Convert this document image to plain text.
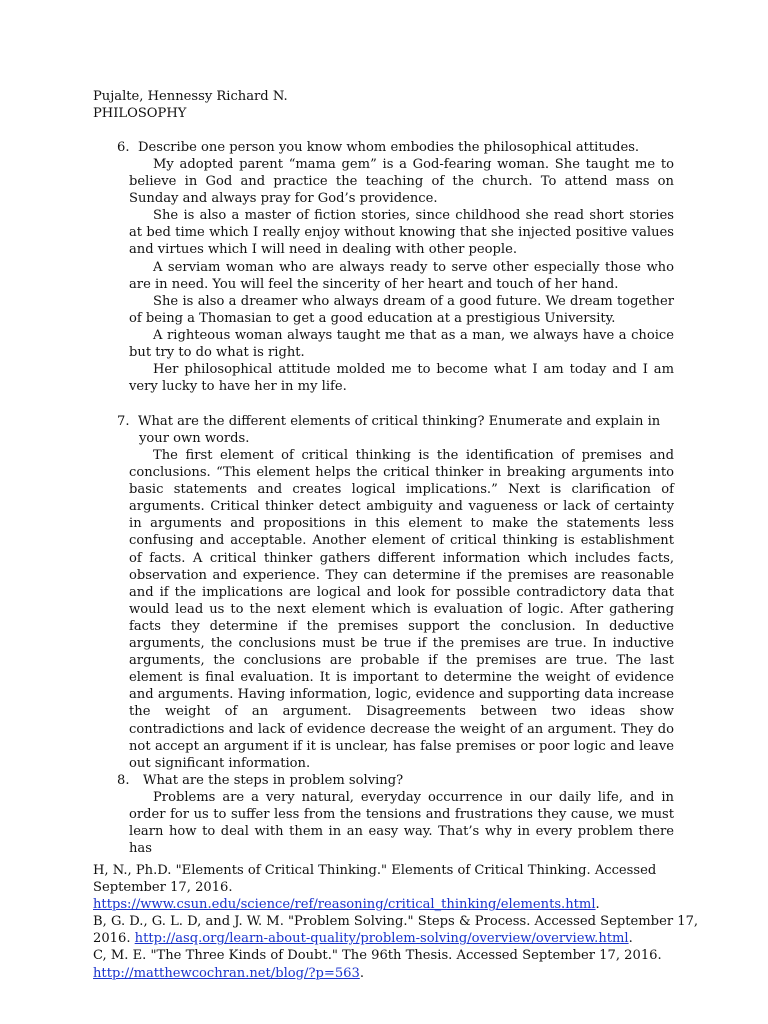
Pujalte, Hennessy Richard N.
PHILOSOPHY
6. Describe one person you know whom embodies the philosophical attitudes.

My adopted parent “mama gem” is a God-fearing woman. She taught me to believe in God and practice the teaching of the church. To attend mass on Sunday and always pray for God’s providence.

She is also a master of fiction stories, since childhood she read short stories at bed time which I really enjoy without knowing that she injected positive values and virtues which I will need in dealing with other people.

A serviam woman who are always ready to serve other especially those who are in need. You will feel the sincerity of her heart and touch of her hand.

She is also a dreamer who always dream of a good future. We dream together of being a Thomasian to get a good education at a prestigious University.

A righteous woman always taught me that as a man, we always have a choice but try to do what is right.

Her philosophical attitude molded me to become what I am today and I am very lucky to have her in my life.

7. What are the different elements of critical thinking? Enumerate and explain in
your own words.

The first element of critical thinking is the identification of premises and conclusions. “This element helps the critical thinker in breaking arguments into basic statements and creates logical implications.” Next is clarification of arguments. Critical thinker detect ambiguity and vagueness or lack of certainty in arguments and propositions in this element to make the statements less confusing and acceptable. Another element of critical thinking is establishment of facts. A critical thinker gathers different information which includes facts, observation and experience. They can determine if the premises are reasonable and if the implications are logical and look for possible contradictory data that would lead us to the next element which is evaluation of logic. After gathering facts they determine if the premises support the conclusion. In deductive arguments, the conclusions must be true if the premises are true. In inductive arguments, the conclusions are probable if the premises are true. The last element is final evaluation. It is important to determine the weight of evidence and arguments. Having information, logic, evidence and supporting data increase the weight of an argument. Disagreements between two ideas show contradictions and lack of evidence decrease the weight of an argument. They do not accept an argument if it is unclear, has false premises or poor logic and leave out significant information.

8. What are the steps in problem solving?

Problems are a very natural, everyday occurrence in our daily life, and in order for us to suffer less from the tensions and frustrations they cause, we must learn how to deal with them in an easy way. That’s why in every problem there has

H, N., Ph.D. "Elements of Critical Thinking." Elements of Critical Thinking. Accessed
September 17, 2016.
https://www.csun.edu/science/ref/reasoning/critical_thinking/elements.html.
B, G. D., G. L. D, and J. W. M. "Problem Solving." Steps & Process. Accessed September 17,
2016. http://asq.org/learn-about-quality/problem-solving/overview/overview.html.
C, M. E. "The Three Kinds of Doubt." The 96th Thesis. Accessed September 17, 2016.
http://matthewcochran.net/blog/?p=563.
